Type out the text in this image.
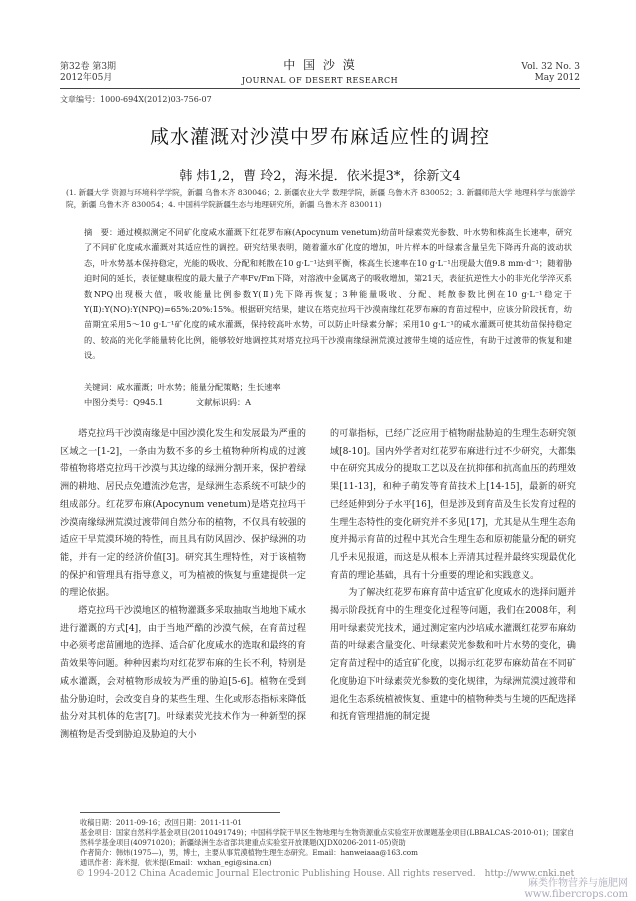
第32卷 第3期
2012年05月
中 国 沙 漠
JOURNAL OF DESERT RESEARCH
Vol. 32 No. 3
May 2012
文章编号：1000-694X(2012)03-756-07
咸水灌溉对沙漠中罗布麻适应性的调控
韩 炜1,2，曹 玲2，海米提．依米提3*，徐新文4
(1. 新疆大学 资源与环境科学学院，新疆 乌鲁木齐 830046；2. 新疆农业大学 数理学院，新疆 乌鲁木齐 830052；3. 新疆师范大学 地理科学与旅游学院，新疆 乌鲁木齐 830054；4. 中国科学院新疆生态与地理研究所，新疆 乌鲁木齐 830011)
摘　要：通过模拟测定不同矿化度咸水灌溉下红花罗布麻(Apocynum venetum)幼苗叶绿素荧光参数、叶水势和株高生长速率，研究了不同矿化度咸水灌溉对其适应性的调控。研究结果表明，随着灌水矿化度的增加，叶片样本的叶绿素含量呈先下降再升高的波动状态，叶水势基本保持稳定，光能的吸收、分配和耗散在10 g·L⁻¹达到平衡，株高生长速率在10 g·L⁻¹出现最大值9.8 mm·d⁻¹；随着胁迫时间的延长，表征健康程度的最大量子产率Fv/Fm下降，对溶液中金属离子的吸收增加，第21天，表征抗逆性大小的非光化学淬灭系数NPQ出现极大值，吸收能量比例参数Y(Ⅱ)先下降再恢复；3种能量吸收、分配、耗散参数比例在10 g·L⁻¹稳定于Y(Ⅱ):Y(NO):Y(NPQ)=65%:20%:15%。根据研究结果，建议在塔克拉玛干沙漠南缘红花罗布麻的育苗过程中，应该分阶段抚育，幼苗期宜采用5～10 g·L⁻¹矿化度的咸水灌溉，保持较高叶水势，可以防止叶绿素分解；采用10 g·L⁻¹的咸水灌溉可使其幼苗保持稳定的、较高的光化学能量转化比例，能够较好地调控其对塔克拉玛干沙漠南缘绿洲荒漠过渡带生境的适应性，有助于过渡带的恢复和建设。
关键词：咸水灌溉；叶水势；能量分配策略；生长速率
中图分类号：Q945.1　　　　文献标识码：A

塔克拉玛干沙漠南缘是中国沙漠化发生和发展最为严重的区域之一[1-2]，一条由为数不多的乡土植物种所构成的过渡带植物将塔克拉玛干沙漠与其边缘的绿洲分割开来，保护着绿洲的耕地、居民点免遭流沙危害，是绿洲生态系统不可缺少的组成部分。红花罗布麻(Apocynum venetum)是塔克拉玛干沙漠南缘绿洲荒漠过渡带间自然分布的植物，不仅具有较强的适应干旱荒漠环境的特性，而且具有防风固沙、保护绿洲的功能，并有一定的经济价值[3]。研究其生理特性，对于该植物的保护和管理具有指导意义，可为植被的恢复与重建提供一定的理论依据。

塔克拉玛干沙漠地区的植物灌溉多采取抽取当地地下咸水进行灌溉的方式[4]，由于当地严酷的沙漠气候，在育苗过程中必须考虑苗圃地的选择、适合矿化度咸水的选取和最终的育苗效果等问题。种种因素均对红花罗布麻的生长不利，特别是咸水灌溉，会对植物形成较为严重的胁迫[5-6]。植物在受到盐分胁迫时，会改变自身的某些生理、生化或形态指标来降低盐分对其机体的危害[7]。叶绿素荧光技术作为一种新型的探测植物是否受到胁迫及胁迫的大小

的可靠指标，已经广泛应用于植物耐盐胁迫的生理生态研究领域[8-10]。国内外学者对红花罗布麻进行过不少研究，大都集中在研究其成分的提取工艺以及在抗抑郁和抗高血压的药理效果[11-13]，和种子萌发等育苗技术上[14-15]，最新的研究已经延伸到分子水平[16]，但是涉及到育苗及生长发育过程的生理生态特性的变化研究并不多见[17]，尤其是从生理生态角度并揭示育苗的过程中其光合生理生态和原初能量分配的研究几乎未见报道，而这是从根本上弄清其过程并最终实现最优化育苗的理论基础，具有十分重要的理论和实践意义。

为了解决红花罗布麻育苗中适宜矿化度咸水的选择问题并揭示阶段抚育中的生理变化过程等问题，我们在2008年，利用叶绿素荧光技术，通过测定室内沙培咸水灌溉红花罗布麻幼苗的叶绿素含量变化、叶绿素荧光参数和叶片水势的变化，确定育苗过程中的适宜矿化度，以揭示红花罗布麻幼苗在不同矿化度胁迫下叶绿素荧光参数的变化规律，为绿洲荒漠过渡带和退化生态系统植被恢复、重建中的植物种类与生境的匹配选择和抚育管理措施的制定提

收稿日期：2011-09-16；改回日期：2011-11-01
基金项目：国家自然科学基金项目(20110491749)；中国科学院干旱区生物地理与生物资源重点实验室开放课题基金项目(LBBALCAS-2010-01)；国家自然科学基金项目(40971020)；新疆绿洲生态省部共建重点实验室开放课题(XJDX0206-2011-05)资助
作者简介：韩炜(1975—)，男，博士，主要从事荒漠植物生理生态研究。Email：hanweiaaa@163.com
通讯作者：海米提．依米提(Email：wxhan_egi@sina.cn)
© 1994-2012 China Academic Journal Electronic Publishing House. All rights reserved.　http://www.cnki.net
麻类作物营养与施肥网
www.fibercrops.com
